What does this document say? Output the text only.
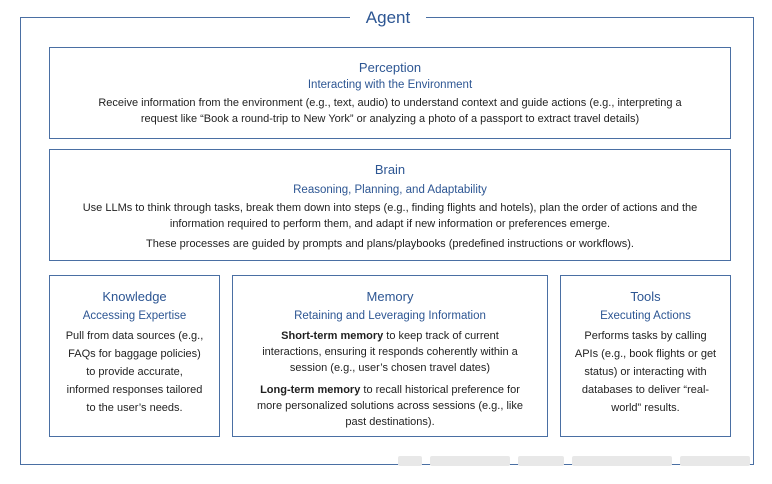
Agent
Perception
Interacting with the Environment
Receive information from the environment (e.g., text, audio) to understand context and guide actions (e.g., interpreting a
request like “Book a round-trip to New York” or analyzing a photo of a passport to extract travel details)
Brain
Reasoning, Planning, and Adaptability
Use LLMs to think through tasks, break them down into steps (e.g., finding flights and hotels), plan the order of actions and the
information required to perform them, and adapt if new information or preferences emerge.
These processes are guided by prompts and plans/playbooks (predefined instructions or workflows).
Knowledge
Accessing Expertise
Pull from data sources (e.g.,
FAQs for baggage policies)
to provide accurate,
informed responses tailored
to the user’s needs.
Memory
Retaining and Leveraging Information
Short-term memory to keep track of current
interactions, ensuring it responds coherently within a
session (e.g., user’s chosen travel dates)
Long-term memory to recall historical preference for
more personalized solutions across sessions (e.g., like
past destinations).
Tools
Executing Actions
Performs tasks by calling
APIs (e.g., book flights or get
status) or interacting with
databases to deliver “real-
world” results.
